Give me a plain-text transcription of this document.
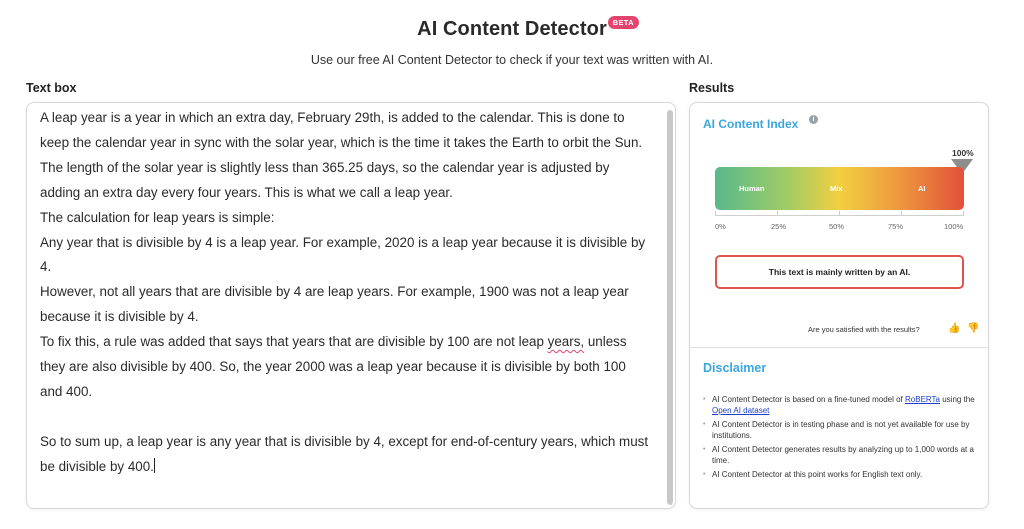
AI Content Detector BETA
Use our free AI Content Detector to check if your text was written with AI.
Text box	Results

A leap year is a year in which an extra day, February 29th, is added to the calendar. This is done to keep the calendar year in sync with the solar year, which is the time it takes the Earth to orbit the Sun.

The length of the solar year is slightly less than 365.25 days, so the calendar year is adjusted by adding an extra day every four years. This is what we call a leap year.

The calculation for leap years is simple:

Any year that is divisible by 4 is a leap year. For example, 2020 is a leap year because it is divisible by 4.

However, not all years that are divisible by 4 are leap years. For example, 1900 was not a leap year because it is divisible by 4.

To fix this, a rule was added that says that years that are divisible by 100 are not leap years, unless they are also divisible by 400. So, the year 2000 was a leap year because it is divisible by both 100 and 400.

So to sum up, a leap year is any year that is divisible by 4, except for end-of-century years, which must be divisible by 400.

AI Content Index	i
100%
Human	Mix	AI
0%	25%	50%	75%	100%
This text is mainly written by an AI.
Are you satisfied with the results?	👍 👎
Disclaimer
• AI Content Detector is based on a fine-tuned model of RoBERTa using the Open AI dataset
• AI Content Detector is in testing phase and is not yet available for use by institutions.
• AI Content Detector generates results by analyzing up to 1,000 words at a time.
• AI Content Detector at this point works for English text only.
